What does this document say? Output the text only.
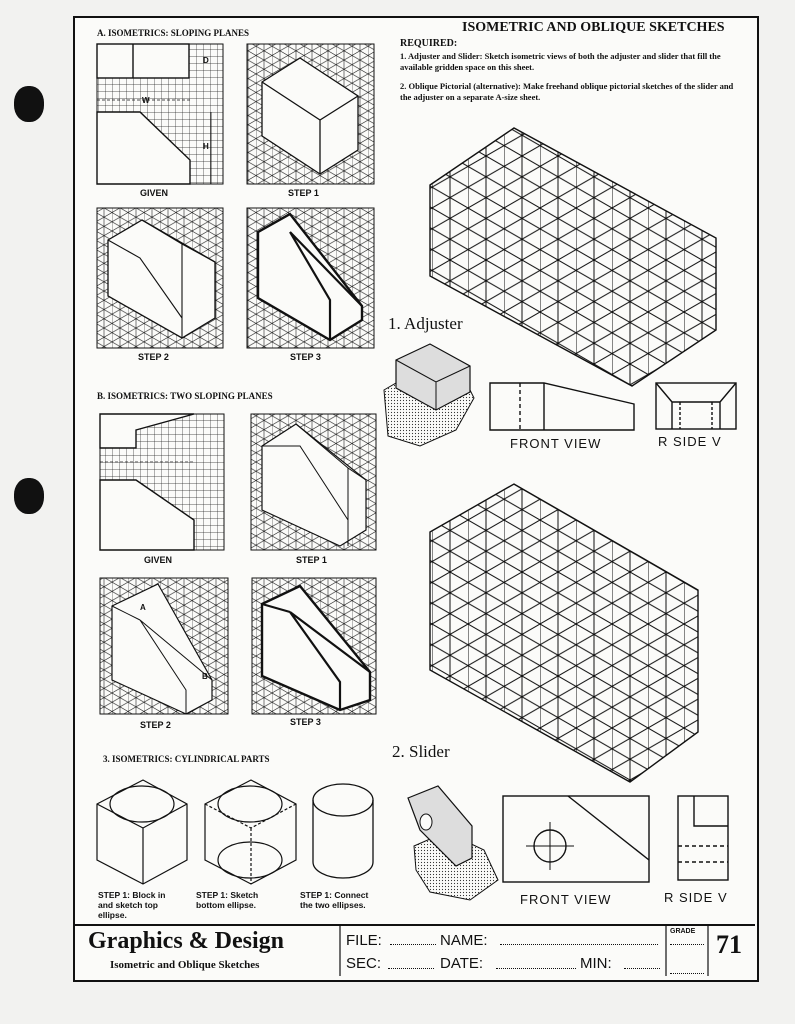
ISOMETRIC AND OBLIQUE SKETCHES
REQUIRED:
1. Adjuster and Slider: Sketch isometric views of both the adjuster and slider that fill the available gridden space on this sheet.
2. Oblique Pictorial (alternative): Make freehand oblique pictorial sketches of the slider and the adjuster on a separate A-size sheet.
A. ISOMETRICS: SLOPING PLANES
GIVEN	STEP 1
STEP 2	STEP 3
D
W
H
B. ISOMETRICS: TWO SLOPING PLANES
GIVEN	STEP 1
STEP 2	STEP 3
A
B
3. ISOMETRICS: CYLINDRICAL PARTS
STEP 1: Block in and sketch top ellipse.
STEP 1: Sketch bottom ellipse.
STEP 1: Connect the two ellipses.
1. Adjuster
FRONT VIEW	R SIDE V
2. Slider
FRONT VIEW	R SIDE V
Graphics & Design
Isometric and Oblique Sketches
FILE:	NAME:
SEC:	DATE:	MIN:
GRADE 71
